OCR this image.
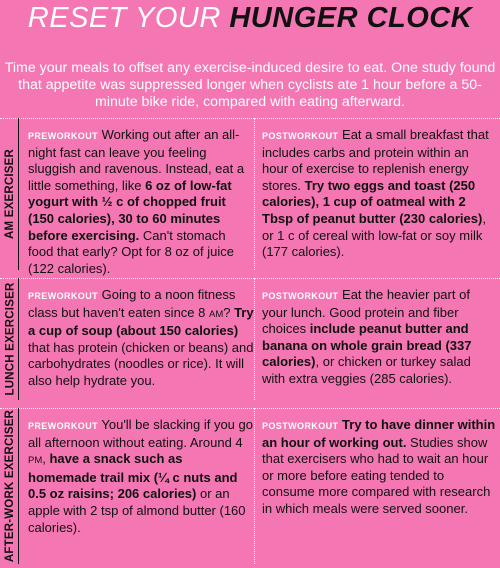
RESET YOUR HUNGER CLOCK
Time your meals to offset any exercise-induced desire to eat. One study found that appetite was suppressed longer when cyclists ate 1 hour before a 50-minute bike ride, compared with eating afterward.
AM EXERCISER
PREWORKOUT Working out after an all-night fast can leave you feeling sluggish and ravenous. Instead, eat a little something, like 6 oz of low-fat yogurt with ½ c of chopped fruit (150 calories), 30 to 60 minutes before exercising. Can't stomach food that early? Opt for 8 oz of juice (122 calories).
POSTWORKOUT Eat a small breakfast that includes carbs and protein within an hour of exercise to replenish energy stores. Try two eggs and toast (250 calories), 1 cup of oatmeal with 2 Tbsp of peanut butter (230 calories), or 1 c of cereal with low-fat or soy milk (177 calories).
LUNCH EXERCISER PREWORKOUT Going to a noon fitness class but haven't eaten since 8 AM? Try a cup of soup (about 150 calories) that has protein (chicken or beans) and carbohydrates (noodles or rice). It will also help hydrate you.
POSTWORKOUT Eat the heavier part of your lunch. Good protein and fiber choices include peanut butter and banana on whole grain bread (337 calories), or chicken or turkey salad with extra veggies (285 calories).
AFTER-WORK EXERCISER PREWORKOUT You'll be slacking if you go all afternoon without eating. Around 4 PM, have a snack such as homemade trail mix (¼ c nuts and 0.5 oz raisins; 206 calories) or an apple with 2 tsp of almond butter (160 calories).
POSTWORKOUT Try to have dinner within an hour of working out. Studies show that exercisers who had to wait an hour or more before eating tended to consume more compared with research in which meals were served sooner.
